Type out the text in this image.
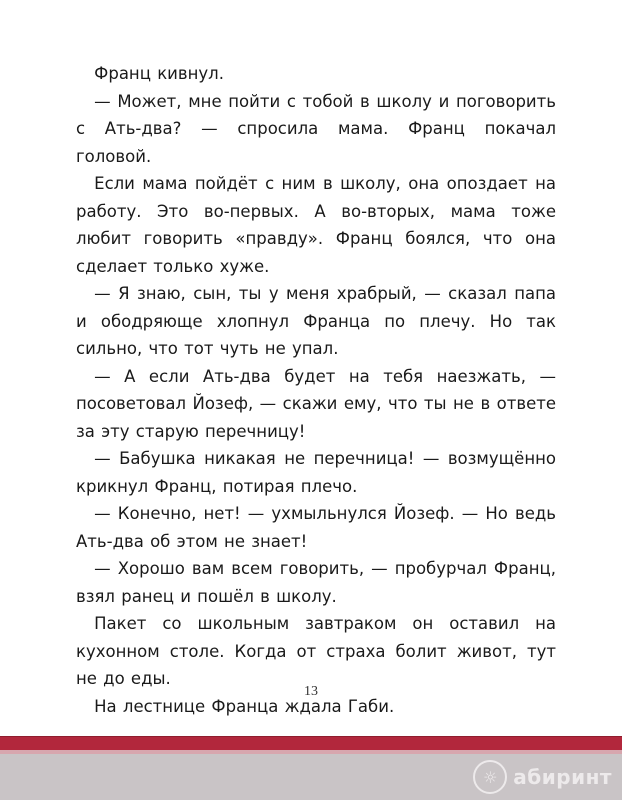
Франц кивнул.

— Может, мне пойти с тобой в школу и поговорить с Ать-два? — спросила мама. Франц покачал головой.

Если мама пойдёт с ним в школу, она опоздает на работу. Это во-первых. А во-вторых, мама тоже любит говорить «правду». Франц боялся, что она сделает только хуже.

— Я знаю, сын, ты у меня храбрый, — сказал папа и ободряюще хлопнул Франца по плечу. Но так сильно, что тот чуть не упал.

— А если Ать-два будет на тебя наезжать, — посоветовал Йозеф, — скажи ему, что ты не в ответе за эту старую перечницу!

— Бабушка никакая не перечница! — возмущённо крикнул Франц, потирая плечо.

— Конечно, нет! — ухмыльнулся Йозеф. — Но ведь Ать-два об этом не знает!

— Хорошо вам всем говорить, — пробурчал Франц, взял ранец и пошёл в школу.

Пакет со школьным завтраком он оставил на кухонном столе. Когда от страха болит живот, тут не до еды.

На лестнице Франца ждала Габи.

13
☼ абиринт
